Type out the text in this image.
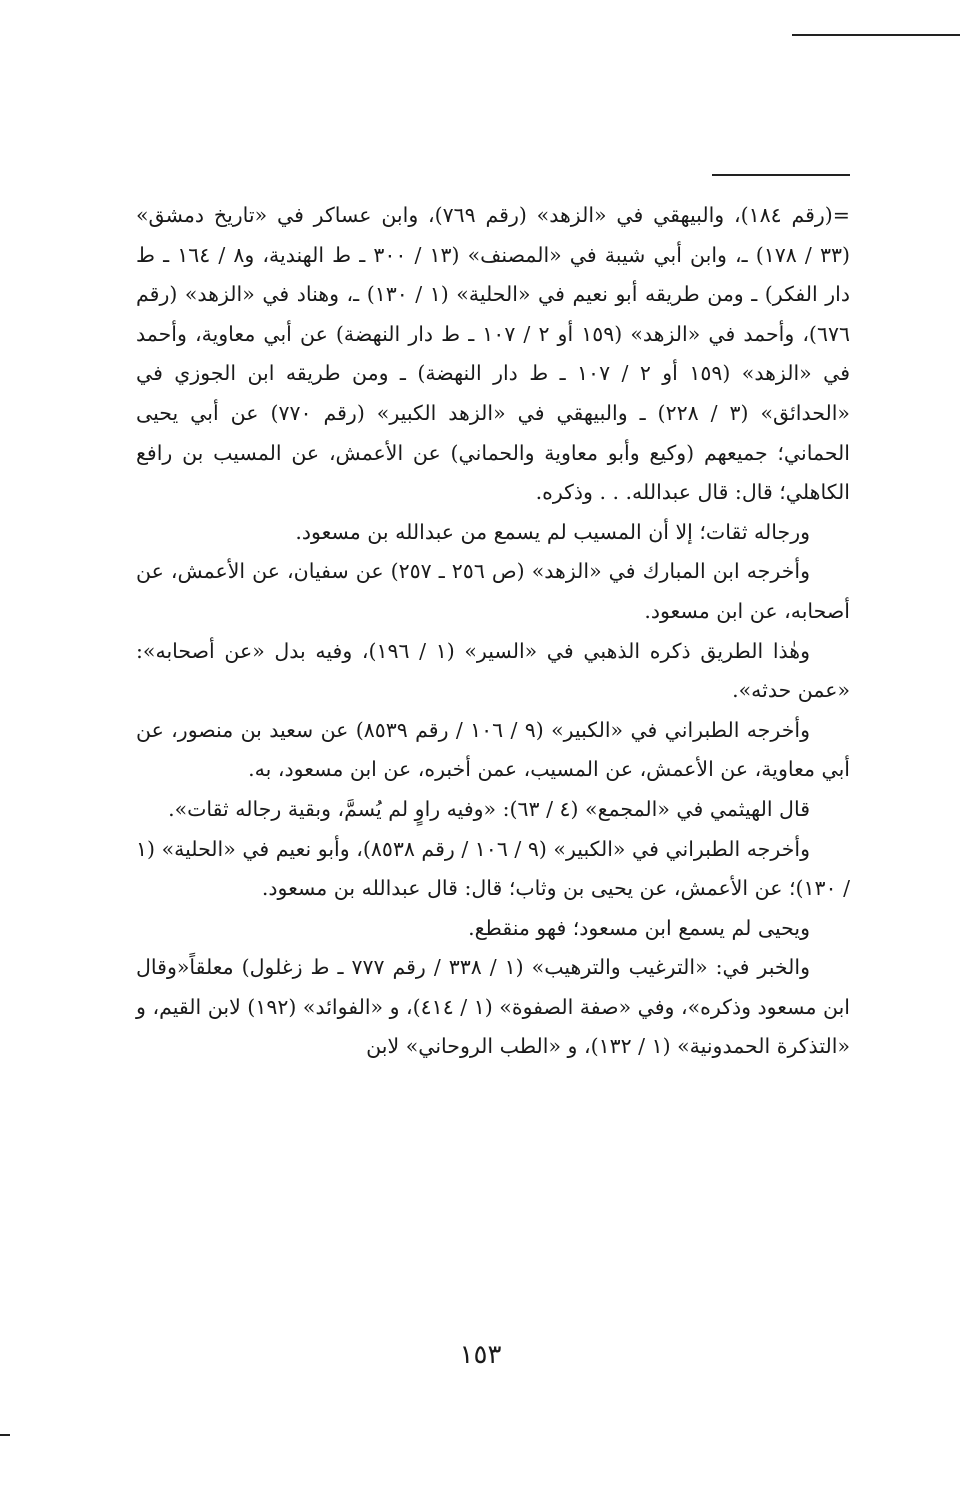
=(رقم ١٨٤)، والبيهقي في «الزهد» (رقم ٧٦٩)، وابن عساكر في «تاريخ دمشق» (٣٣ / ١٧٨) ـ، وابن أبي شيبة في «المصنف» (١٣ / ٣٠٠ ـ ط الهندية، و٨ / ١٦٤ ـ ط دار الفكر) ـ ومن طريقه أبو نعيم في «الحلية» (١ / ١٣٠) ـ، وهناد في «الزهد» (رقم ٦٧٦)، وأحمد في «الزهد» (١٥٩ أو ٢ / ١٠٧ ـ ط دار النهضة) عن أبي معاوية، وأحمد في «الزهد» (١٥٩ أو ٢ / ١٠٧ ـ ط دار النهضة) ـ ومن طريقه ابن الجوزي في «الحدائق» (٣ / ٢٢٨) ـ والبيهقي في «الزهد الكبير» (رقم ٧٧٠) عن أبي يحيى الحماني؛ جميعهم (وكيع وأبو معاوية والحماني) عن الأعمش، عن المسيب بن رافع الكاهلي؛ قال: قال عبدالله. . . وذكره.

ورجاله ثقات؛ إلا أن المسيب لم يسمع من عبدالله بن مسعود.

وأخرجه ابن المبارك في «الزهد» (ص ٢٥٦ ـ ٢٥٧) عن سفيان، عن الأعمش، عن أصحابه، عن ابن مسعود.

وهٰذا الطريق ذكره الذهبي في «السير» (١ / ١٩٦)، وفيه بدل «عن أصحابه»: «عمن حدثه».

وأخرجه الطبراني في «الكبير» (٩ / ١٠٦ / رقم ٨٥٣٩) عن سعيد بن منصور، عن أبي معاوية، عن الأعمش، عن المسيب، عمن أخبره، عن ابن مسعود، به.

قال الهيثمي في «المجمع» (٤ / ٦٣): «وفيه راوٍ لم يُسمَّ، وبقية رجاله ثقات».

وأخرجه الطبراني في «الكبير» (٩ / ١٠٦ / رقم ٨٥٣٨)، وأبو نعيم في «الحلية» (١ / ١٣٠)؛ عن الأعمش، عن يحيى بن وثاب؛ قال: قال عبدالله بن مسعود.

ويحيى لم يسمع ابن مسعود؛ فهو منقطع.

والخبر في: «الترغيب والترهيب» (١ / ٣٣٨ / رقم ٧٧٧ ـ ط زغلول) معلقاً«وقال ابن مسعود وذكره»، وفي «صفة الصفوة» (١ / ٤١٤)، و «الفوائد» (١٩٢) لابن القيم، و «التذكرة الحمدونية» (١ / ١٣٢)، و «الطب الروحاني» لابن

١٥٣
